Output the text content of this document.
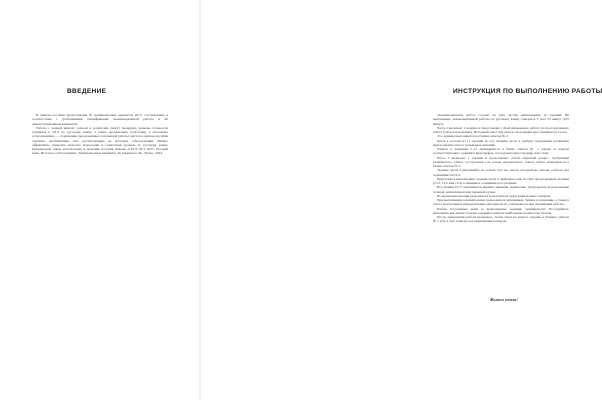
ВВЕДЕНИЕ

В данном пособии представлены 10 тренировочных вариантов ОГЭ, составленных в соответствии с требованиями спецификации экзаменационной работы и 40 демонстрационным вариантом.

Работы с данной книгой, учиться и родителям смогут проверить уровень готовности учащихся к ОГЭ по русскому языку, а также организовать подготовку к итоговому собеседованию — содержание предложенных для каждой работы текстов в данном пособии отражает проблематику тем, рассмотренных на итоговом собеседовании. Можно эффективно повысить качество подготовки и грамотный уровень по русскому языку. Рекомендуем также использовать в практике пособия Лыкова А.ЕГЭ ОГЭ 2025. Русский язык. Итоговое собеседование. Тренировочные варианты. 40 вариантов. М., Эксмо, 2024.

ИНСТРУКЦИЯ ПО ВЫПОЛНЕНИЮ РАБОТЫ

Экзаменационная работа состоит из трёх частей, включающих 12 заданий. На выполнение экзаменационной работы по русскому языку отводится 3 часа 55 минут (235 минут).

Часть 1 включает 1 задание и представляет собой письменную работу по прослушанному тексту (сжатое изложение). Исходный текст для сжатого изложения прослушивается 2 раза.

Это задание выполняется на бланке ответов № 2.

Часть 2 состоит из 11 заданий (2–12). Задания части 2 требуют проведения различных видов анализа текста и языковых явлений.

Ответы к заданиям 2–12 записываются в бланк ответов № 1 справа от номера соответствующего задания в виде цифры, последовательности цифр или слова.

Часть 3 включает 1 задание и представляет собой открытый вопрос, требующий развёрнутого ответа, построенного на основе прочитанного текста. Ответ записывается в бланк ответов № 2.

Задание части 3 выполняйте на основе того же текста, который вы читали, работая над заданиями части 2.

Приступая к выполнению задания части 3, выберите одно из трёх предложенных заданий (13.1, 13.2 или 13.3) и напишите сочинение-рассуждение.

Все бланки ЕГЭ заполняются яркими чёрными чернилами. Допускается использование гелевой, капиллярной или перьевой ручки.

Во время выполнения разрешается пользоваться орфографическим словарём.

При выполнении заданий можно пользоваться черновиком. Записи в черновике, а также в тексте контрольных измерительных материалов не учитываются при оценивании работы.

Баллы, полученные вами за выполненные задания, суммируются. Постарайтесь выполнить как можно больше заданий и набрать наибольшее количество баллов.

После завершения работы проверьте, чтобы ответ на каждое задание в бланках ответов № 1 и № 2 был записан под правильным номером.

Желаем успеха!
